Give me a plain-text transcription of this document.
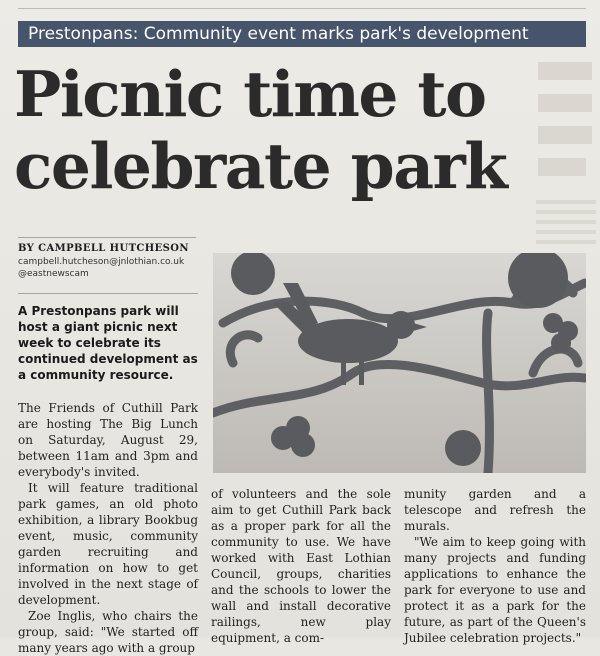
Prestonpans: Community event marks park's development
Picnic time to
celebrate park
BY CAMPBELL HUTCHESON
campbell.hutcheson@jnlothian.co.uk
@eastnewscam
A Prestonpans park will host a giant picnic next week to celebrate its continued development as a community resource.

The Friends of Cuthill Park are hosting The Big Lunch on Saturday, August 29, between 11am and 3pm and everybody's invited.

It will feature traditional park games, an old photo exhibition, a library Bookbug event, music, community garden recruiting and information on how to get involved in the next stage of development.

Zoe Inglis, who chairs the group, said: "We started off many years ago with a group

of volunteers and the sole aim to get Cuthill Park back as a proper park for all the community to use. We have worked with East Lothian Council, groups, charities and the schools to lower the wall and install decorative railings, new play equipment, a com-

munity garden and a telescope and refresh the murals.

"We aim to keep going with many projects and funding applications to enhance the park for everyone to use and protect it as a park for the future, as part of the Queen's Jubilee celebration projects."
